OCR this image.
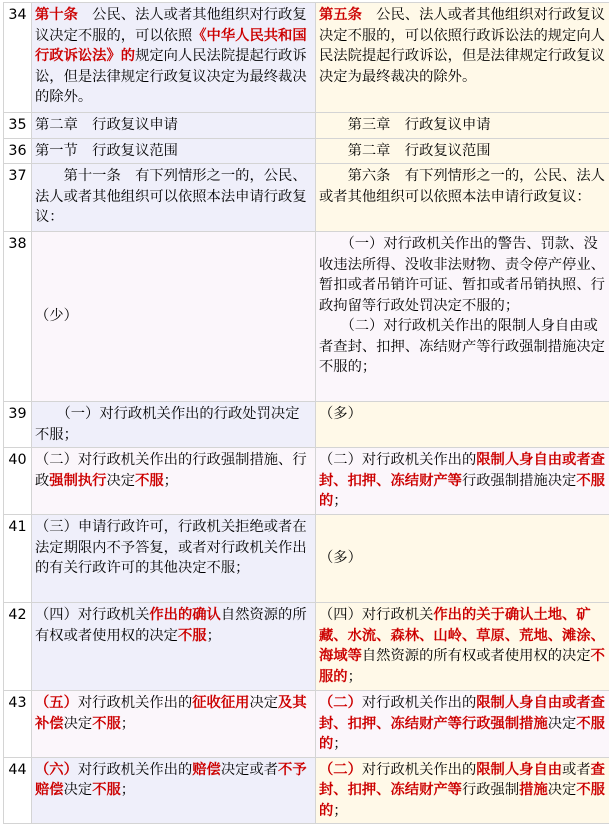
34	第十条　公民、法人或者其他组织对行政复议决定不服的，可以依照《中华人民共和国行政诉讼法》的规定向人民法院提起行政诉讼，但是法律规定行政复议决定为最终裁决的除外。	第五条　公民、法人或者其他组织对行政复议决定不服的，可以依照行政诉讼法的规定向人民法院提起行政诉讼，但是法律规定行政复议决定为最终裁决的除外。

35	第二章　行政复议申请	　　第三章　行政复议申请

36	第一节　行政复议范围	　　第二章　行政复议范围

37	　　第十一条　有下列情形之一的，公民、法人或者其他组织可以依照本法申请行政复议：	　　第六条　有下列情形之一的，公民、法人或者其他组织可以依照本法申请行政复议：

38	（少）	　　（一）对行政机关作出的警告、罚款、没收违法所得、没收非法财物、责令停产停业、暂扣或者吊销许可证、暂扣或者吊销执照、行政拘留等行政处罚决定不服的；
　　（二）对行政机关作出的限制人身自由或者查封、扣押、冻结财产等行政强制措施决定不服的；

39	　　（一）对行政机关作出的行政处罚决定不服；	（多）

40	（二）对行政机关作出的行政强制措施、行政强制执行决定不服；	（二）对行政机关作出的限制人身自由或者查封、扣押、冻结财产等行政强制措施决定不服的；

41	（三）申请行政许可，行政机关拒绝或者在法定期限内不予答复，或者对行政机关作出的有关行政许可的其他决定不服；	（多）

42	（四）对行政机关作出的确认自然资源的所有权或者使用权的决定不服；	（四）对行政机关作出的关于确认土地、矿藏、水流、森林、山岭、草原、荒地、滩涂、海域等自然资源的所有权或者使用权的决定不服的；

43	（五）对行政机关作出的征收征用决定及其补偿决定不服；	（二）对行政机关作出的限制人身自由或者查封、扣押、冻结财产等行政强制措施决定不服的；

44	（六）对行政机关作出的赔偿决定或者不予赔偿决定不服；	（二）对行政机关作出的限制人身自由或者查封、扣押、冻结财产等行政强制措施决定不服的；
